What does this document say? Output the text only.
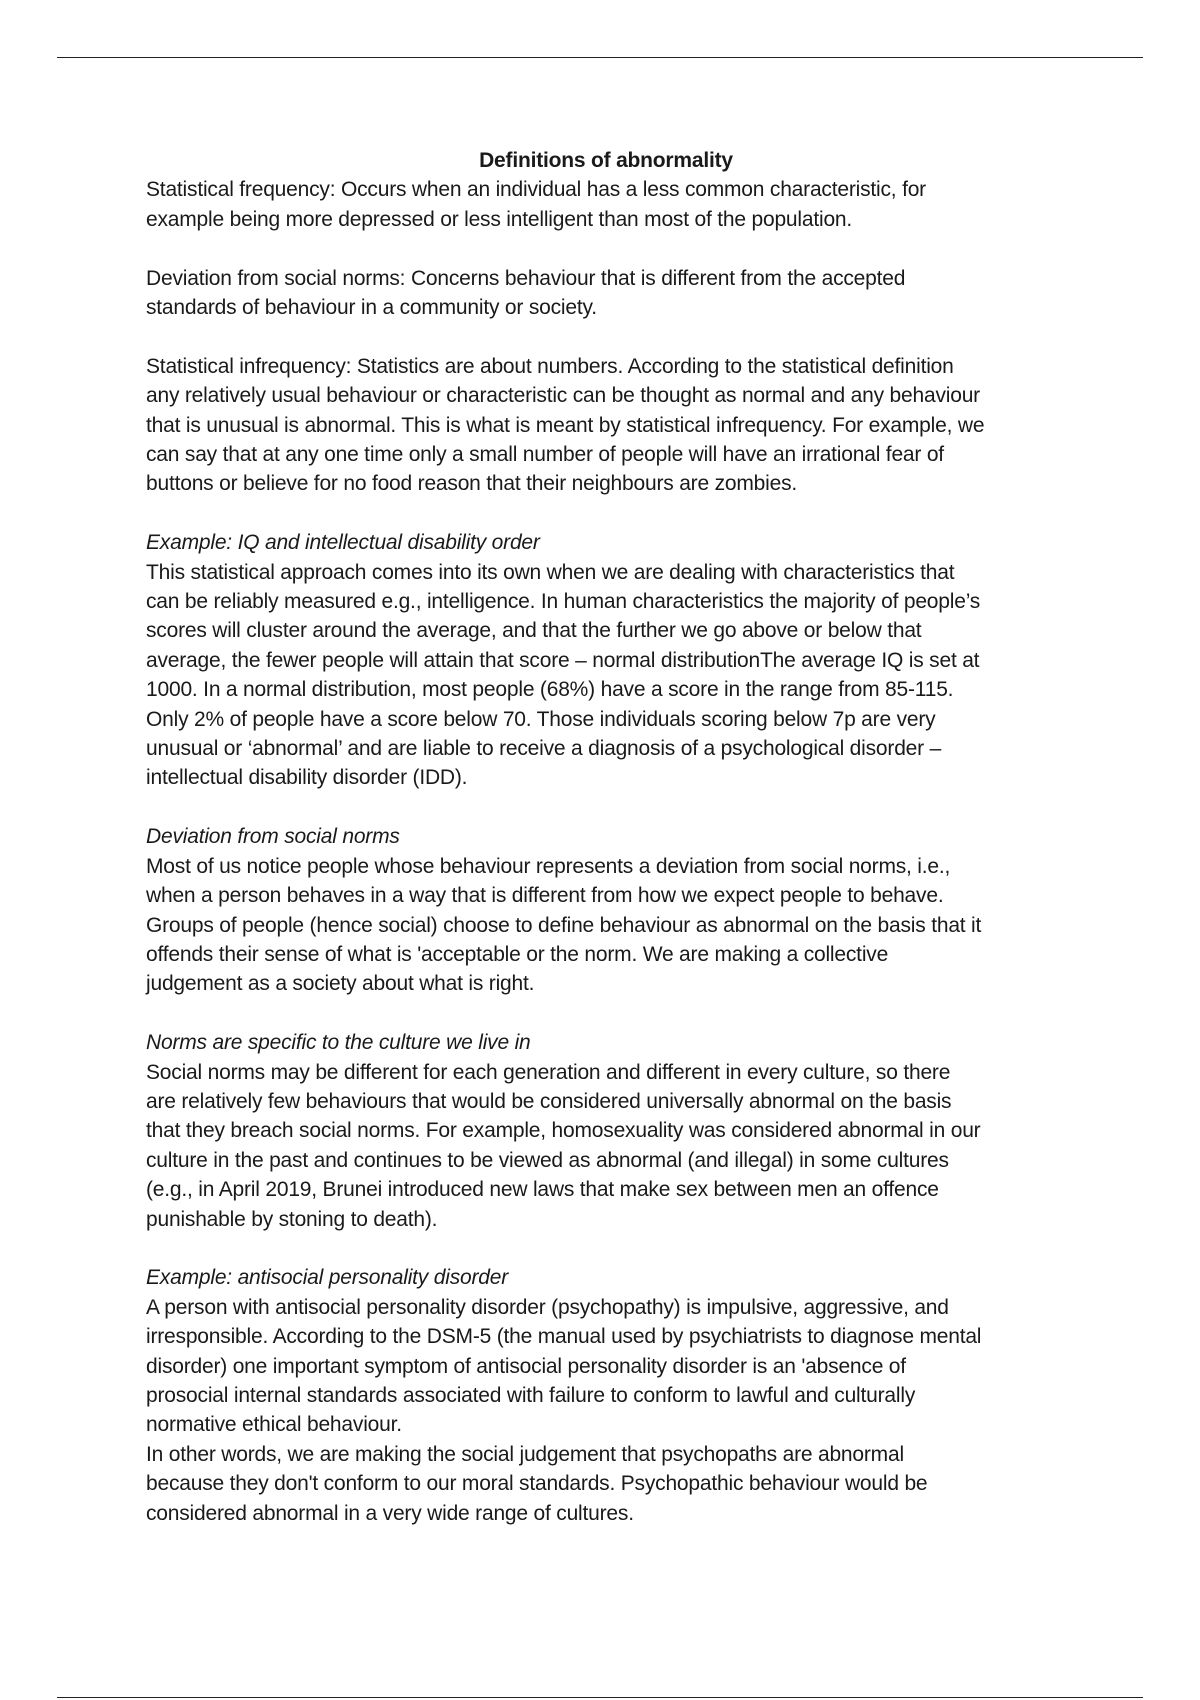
Definitions of abnormality

Statistical frequency: Occurs when an individual has a less common characteristic, for
example being more depressed or less intelligent than most of the population.

Deviation from social norms: Concerns behaviour that is different from the accepted
standards of behaviour in a community or society.

Statistical infrequency: Statistics are about numbers. According to the statistical definition
any relatively usual behaviour or characteristic can be thought as normal and any behaviour
that is unusual is abnormal. This is what is meant by statistical infrequency. For example, we
can say that at any one time only a small number of people will have an irrational fear of
buttons or believe for no food reason that their neighbours are zombies.

Example: IQ and intellectual disability order

This statistical approach comes into its own when we are dealing with characteristics that
can be reliably measured e.g., intelligence. In human characteristics the majority of people’s
scores will cluster around the average, and that the further we go above or below that
average, the fewer people will attain that score – normal distributionThe average IQ is set at
1000. In a normal distribution, most people (68%) have a score in the range from 85-115.
Only 2% of people have a score below 70. Those individuals scoring below 7p are very
unusual or ‘abnormal’ and are liable to receive a diagnosis of a psychological disorder –
intellectual disability disorder (IDD).

Deviation from social norms

Most of us notice people whose behaviour represents a deviation from social norms, i.e.,
when a person behaves in a way that is different from how we expect people to behave.
Groups of people (hence social) choose to define behaviour as abnormal on the basis that it
offends their sense of what is 'acceptable or the norm. We are making a collective
judgement as a society about what is right.

Norms are specific to the culture we live in

Social norms may be different for each generation and different in every culture, so there
are relatively few behaviours that would be considered universally abnormal on the basis
that they breach social norms. For example, homosexuality was considered abnormal in our
culture in the past and continues to be viewed as abnormal (and illegal) in some cultures
(e.g., in April 2019, Brunei introduced new laws that make sex between men an offence
punishable by stoning to death).

Example: antisocial personality disorder

A person with antisocial personality disorder (psychopathy) is impulsive, aggressive, and
irresponsible. According to the DSM-5 (the manual used by psychiatrists to diagnose mental
disorder) one important symptom of antisocial personality disorder is an 'absence of
prosocial internal standards associated with failure to conform to lawful and culturally
normative ethical behaviour.

In other words, we are making the social judgement that psychopaths are abnormal
because they don't conform to our moral standards. Psychopathic behaviour would be
considered abnormal in a very wide range of cultures.
